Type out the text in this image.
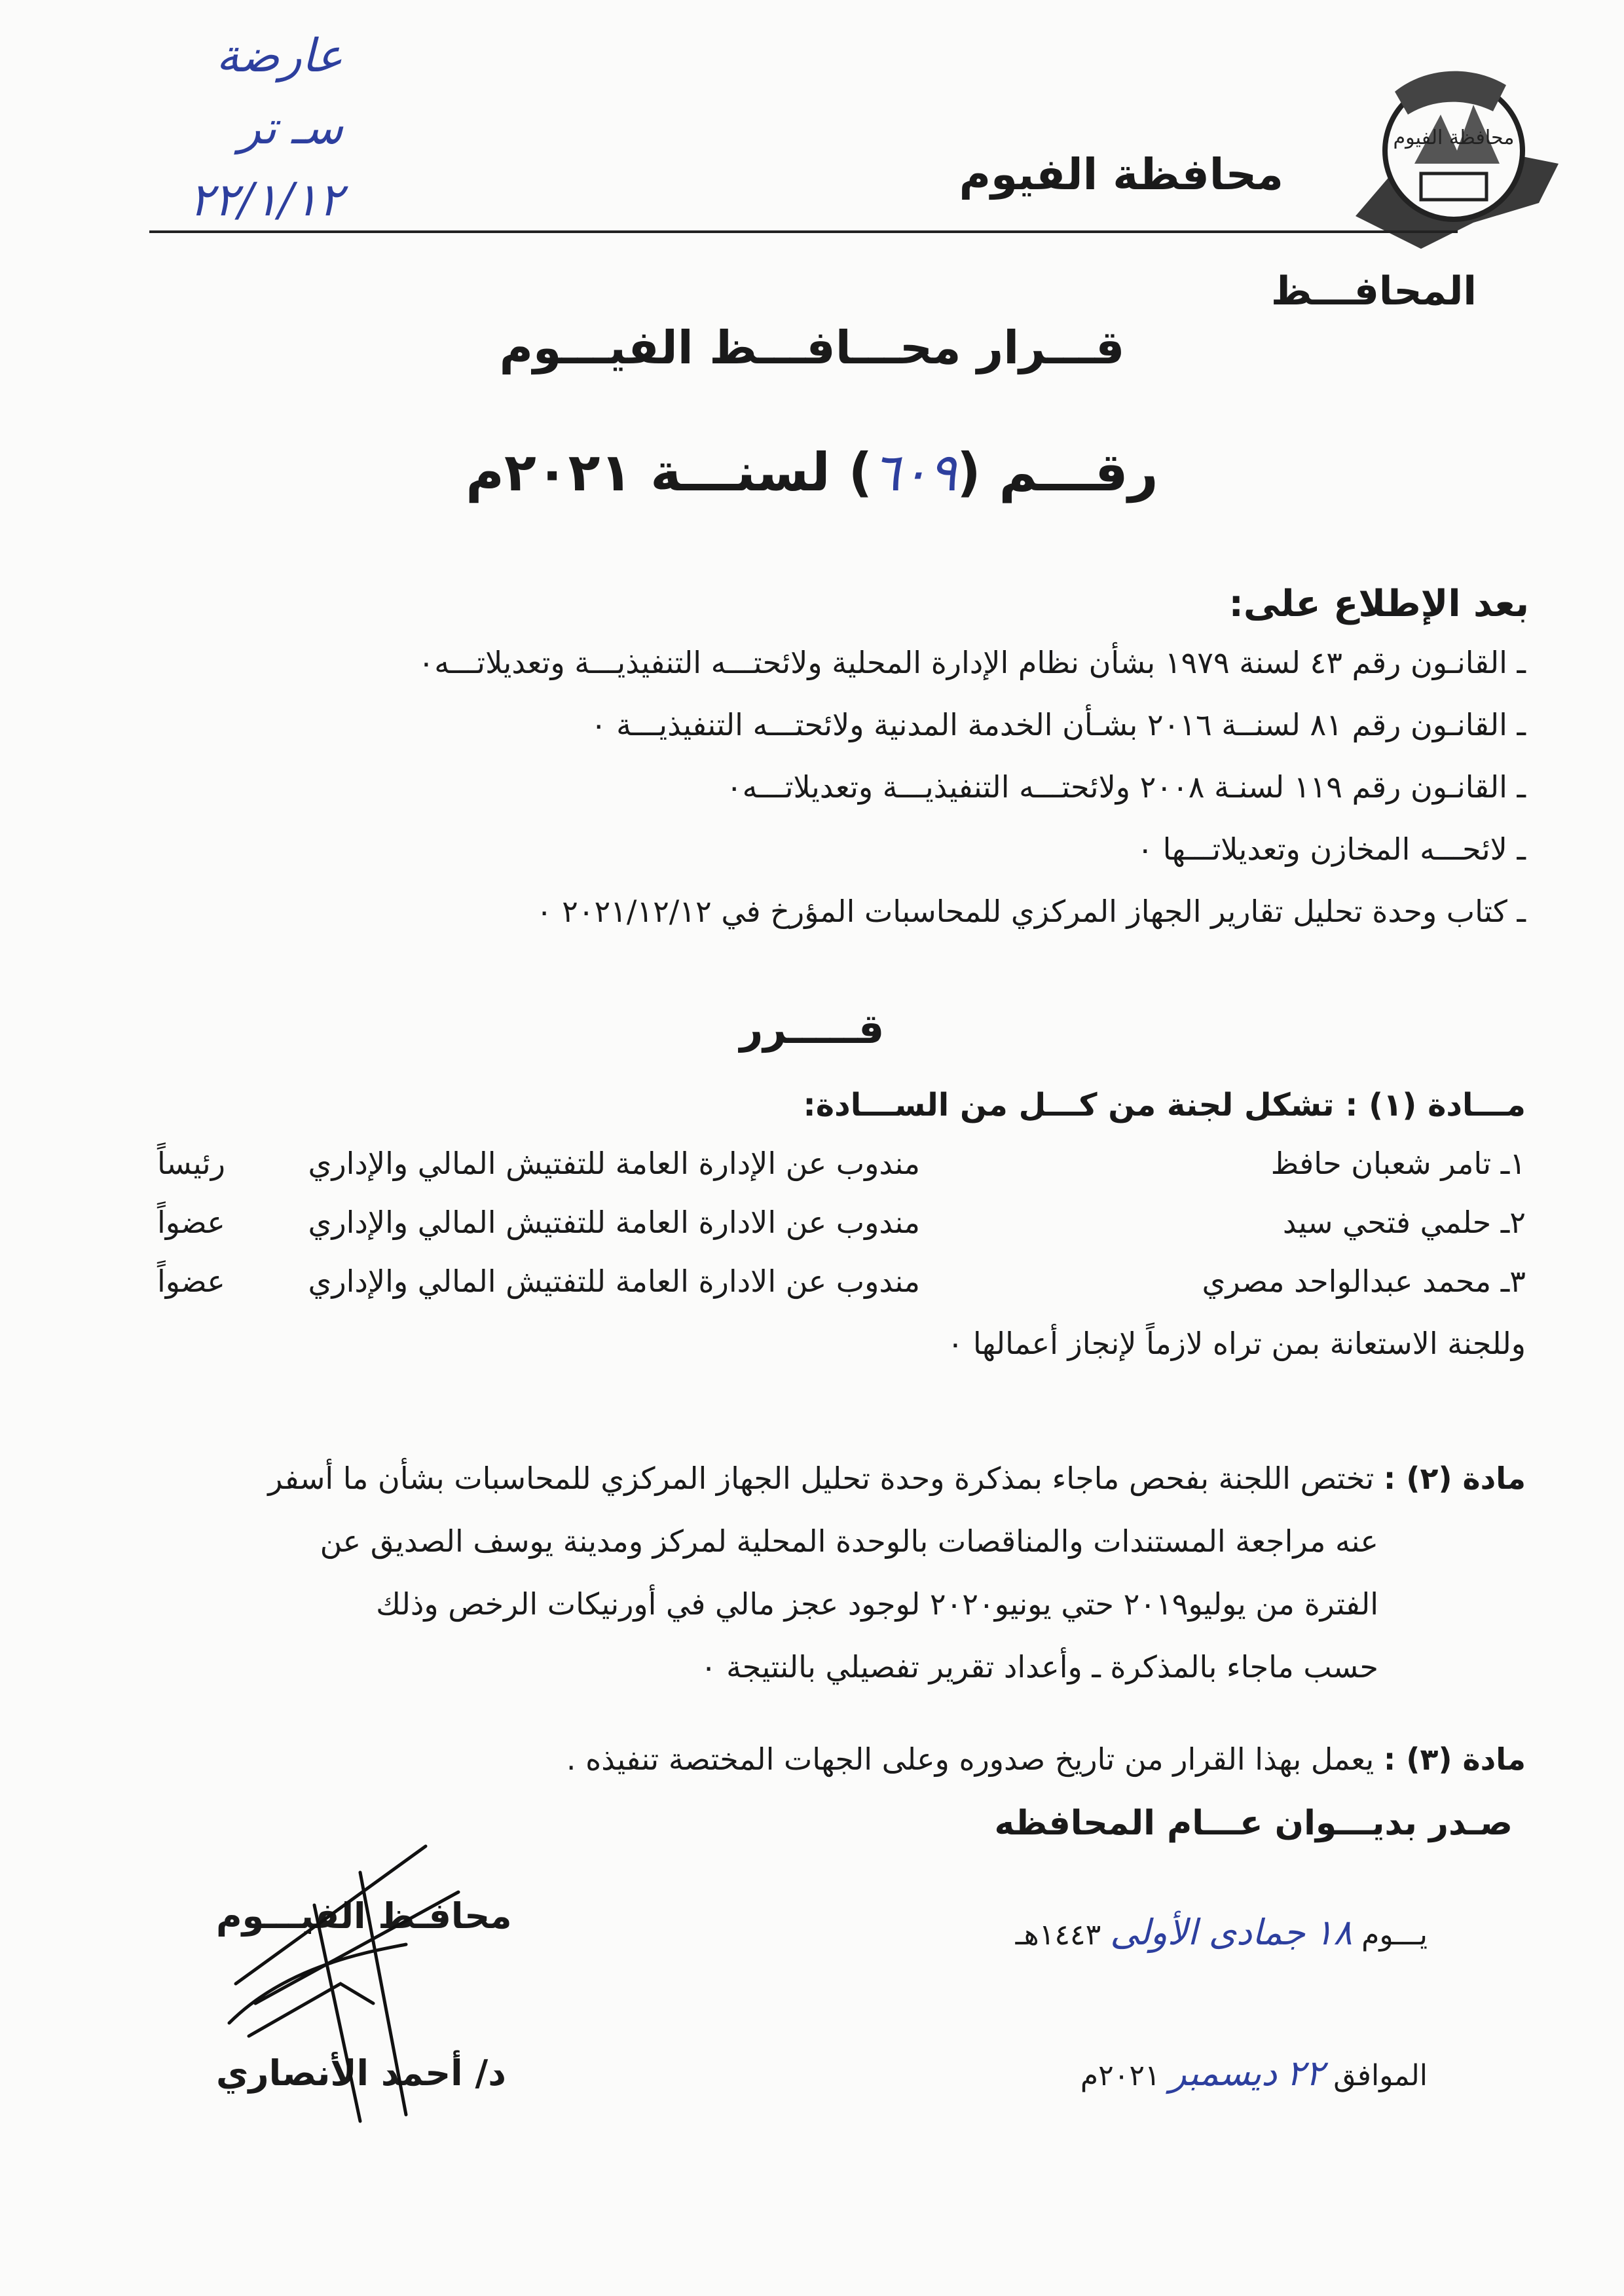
عارضة
سـ تر
٢٢/١/١٢
محافظة الفيوم
محافظة الفيوم
المحافـــظ
قـــرار محـــافـــظ الفيـــوم
رقـــم (٦٠٩) لسنـــة ٢٠٢١م
بعد الإطلاع على:
ـ القانـون رقم ٤٣ لسنة ١٩٧٩ بشأن نظام الإدارة المحلية ولائحتـــه التنفيذيـــة وتعديلاتـــه٠
ـ القانـون رقم ٨١ لسنــة ٢٠١٦ بشـأن الخدمة المدنية ولائحتـــه التنفيذيـــة ٠
ـ القانـون رقم ١١٩ لسنـة ٢٠٠٨ ولائحتـــه التنفيذيـــة وتعديلاتـــه٠
ـ لائحـــه المخازن وتعديلاتـــها ٠
ـ كتاب وحدة تحليل تقارير الجهاز المركزي للمحاسبات المؤرخ في ٢٠٢١/١٢/١٢ ٠
قـــــرر
مـــادة (١) : تشكل لجنة من كـــل من الســـادة:
١ـ تامر شعبان حافظ
مندوب عن الإدارة العامة للتفتيش المالي والإداري
رئيساً
٢ـ حلمي فتحي سيد
مندوب عن الادارة العامة للتفتيش المالي والإداري
عضواً
٣ـ محمد عبدالواحد مصري
مندوب عن الادارة العامة للتفتيش المالي والإداري
عضواً
وللجنة الاستعانة بمن تراه لازماً لإنجاز أعمالها ٠
مادة (٢) : تختص اللجنة بفحص ماجاء بمذكرة وحدة تحليل الجهاز المركزي للمحاسبات بشأن ما أسفر
عنه مراجعة المستندات والمناقصات بالوحدة المحلية لمركز ومدينة يوسف الصديق عن
الفترة من يوليو٢٠١٩ حتي يونيو٢٠٢٠ لوجود عجز مالي في أورنيكات الرخص وذلك
حسب ماجاء بالمذكرة ـ وأعداد تقرير تفصيلي بالنتيجة ٠
مادة (٣) : يعمل بهذا القرار من تاريخ صدوره وعلى الجهات المختصة تنفيذه .
صـدر بديـــوان عـــام المحافظه
يـــوم ١٨ جمادى الأولى ١٤٤٣هـ
الموافق ٢٢ ديسمبر ٢٠٢١م
محافـظ الفيـــوم
د/ أحمد الأنصاري
